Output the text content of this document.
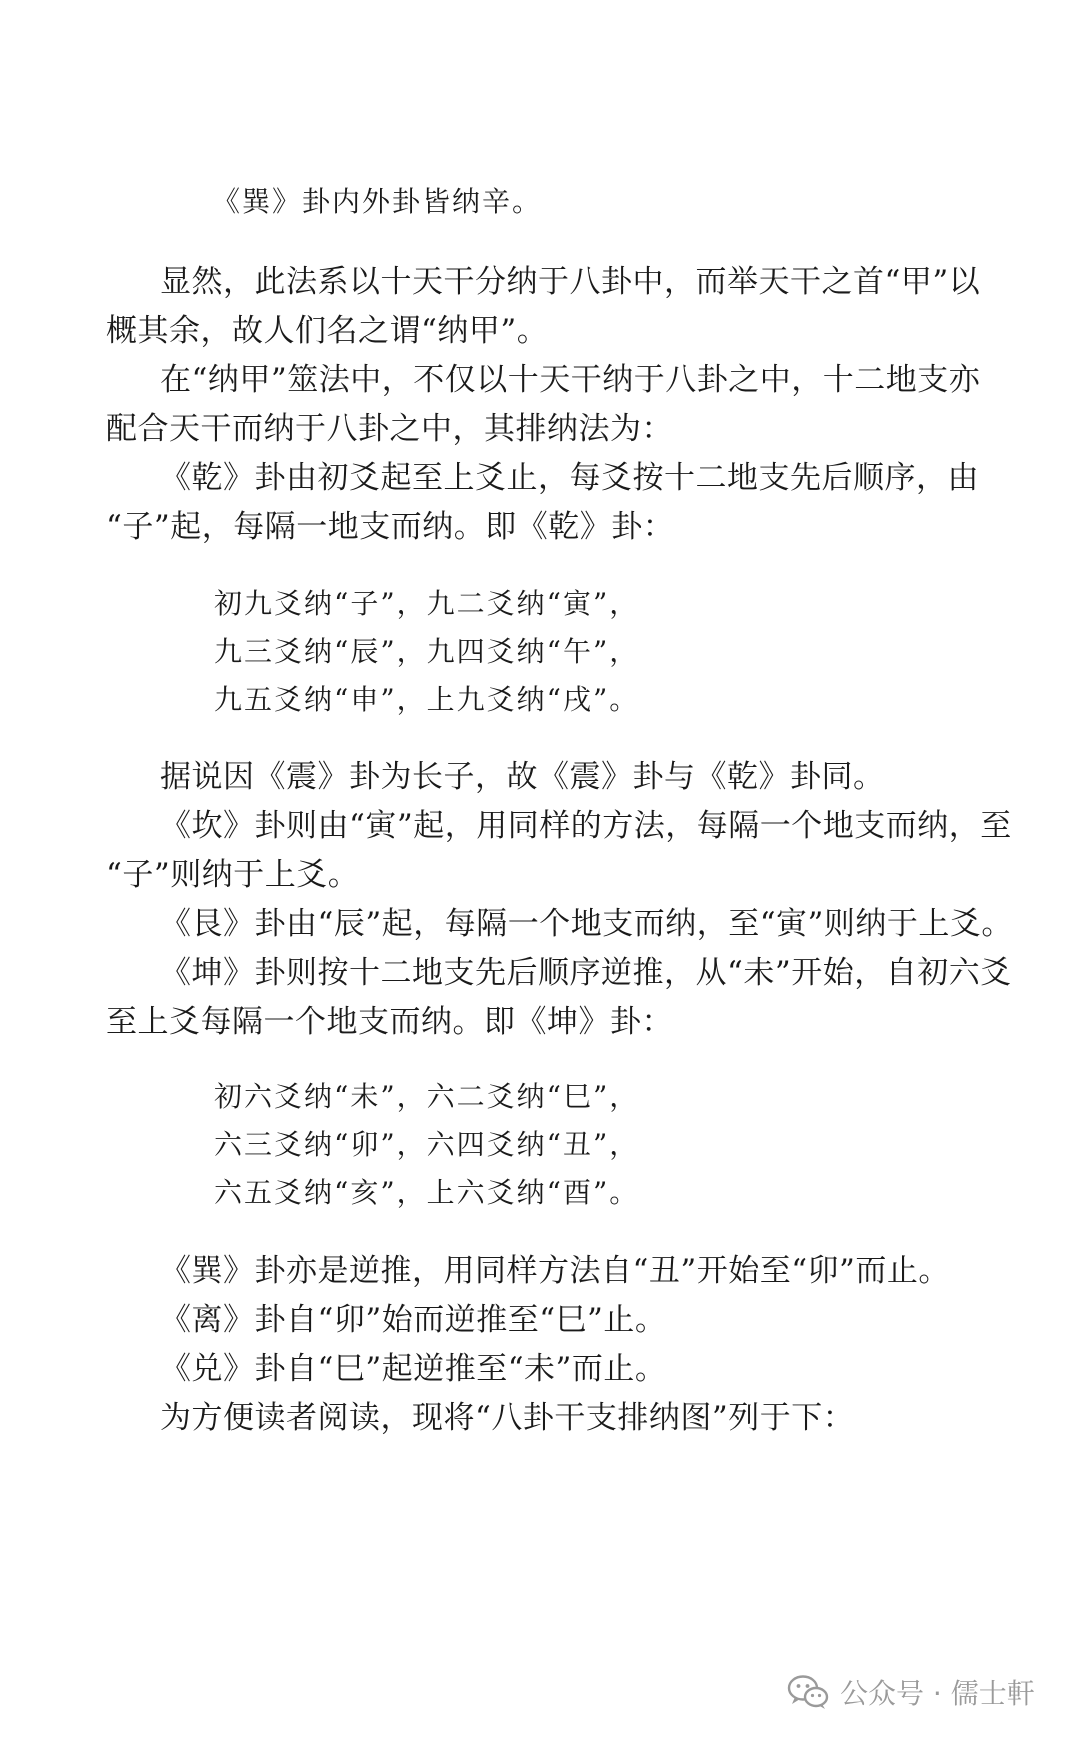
《巽》卦内外卦皆纳辛。
显然，此法系以十天干分纳于八卦中，而举天干之首“甲”以
概其余，故人们名之谓“纳甲”。
在“纳甲”筮法中，不仅以十天干纳于八卦之中，十二地支亦
配合天干而纳于八卦之中，其排纳法为：
《乾》卦由初爻起至上爻止，每爻按十二地支先后顺序，由
“子”起，每隔一地支而纳。即《乾》卦：
初九爻纳“子”，九二爻纳“寅”，
九三爻纳“辰”，九四爻纳“午”，
九五爻纳“申”，上九爻纳“戌”。
据说因《震》卦为长子，故《震》卦与《乾》卦同。
《坎》卦则由“寅”起，用同样的方法，每隔一个地支而纳，至
“子”则纳于上爻。
《艮》卦由“辰”起，每隔一个地支而纳，至“寅”则纳于上爻。
《坤》卦则按十二地支先后顺序逆推，从“未”开始，自初六爻
至上爻每隔一个地支而纳。即《坤》卦：
初六爻纳“未”，六二爻纳“巳”，
六三爻纳“卯”，六四爻纳“丑”，
六五爻纳“亥”，上六爻纳“酉”。
《巽》卦亦是逆推，用同样方法自“丑”开始至“卯”而止。
《离》卦自“卯”始而逆推至“巳”止。
《兑》卦自“巳”起逆推至“未”而止。
为方便读者阅读，现将“八卦干支排纳图”列于下：
公众号 · 儒士軒
